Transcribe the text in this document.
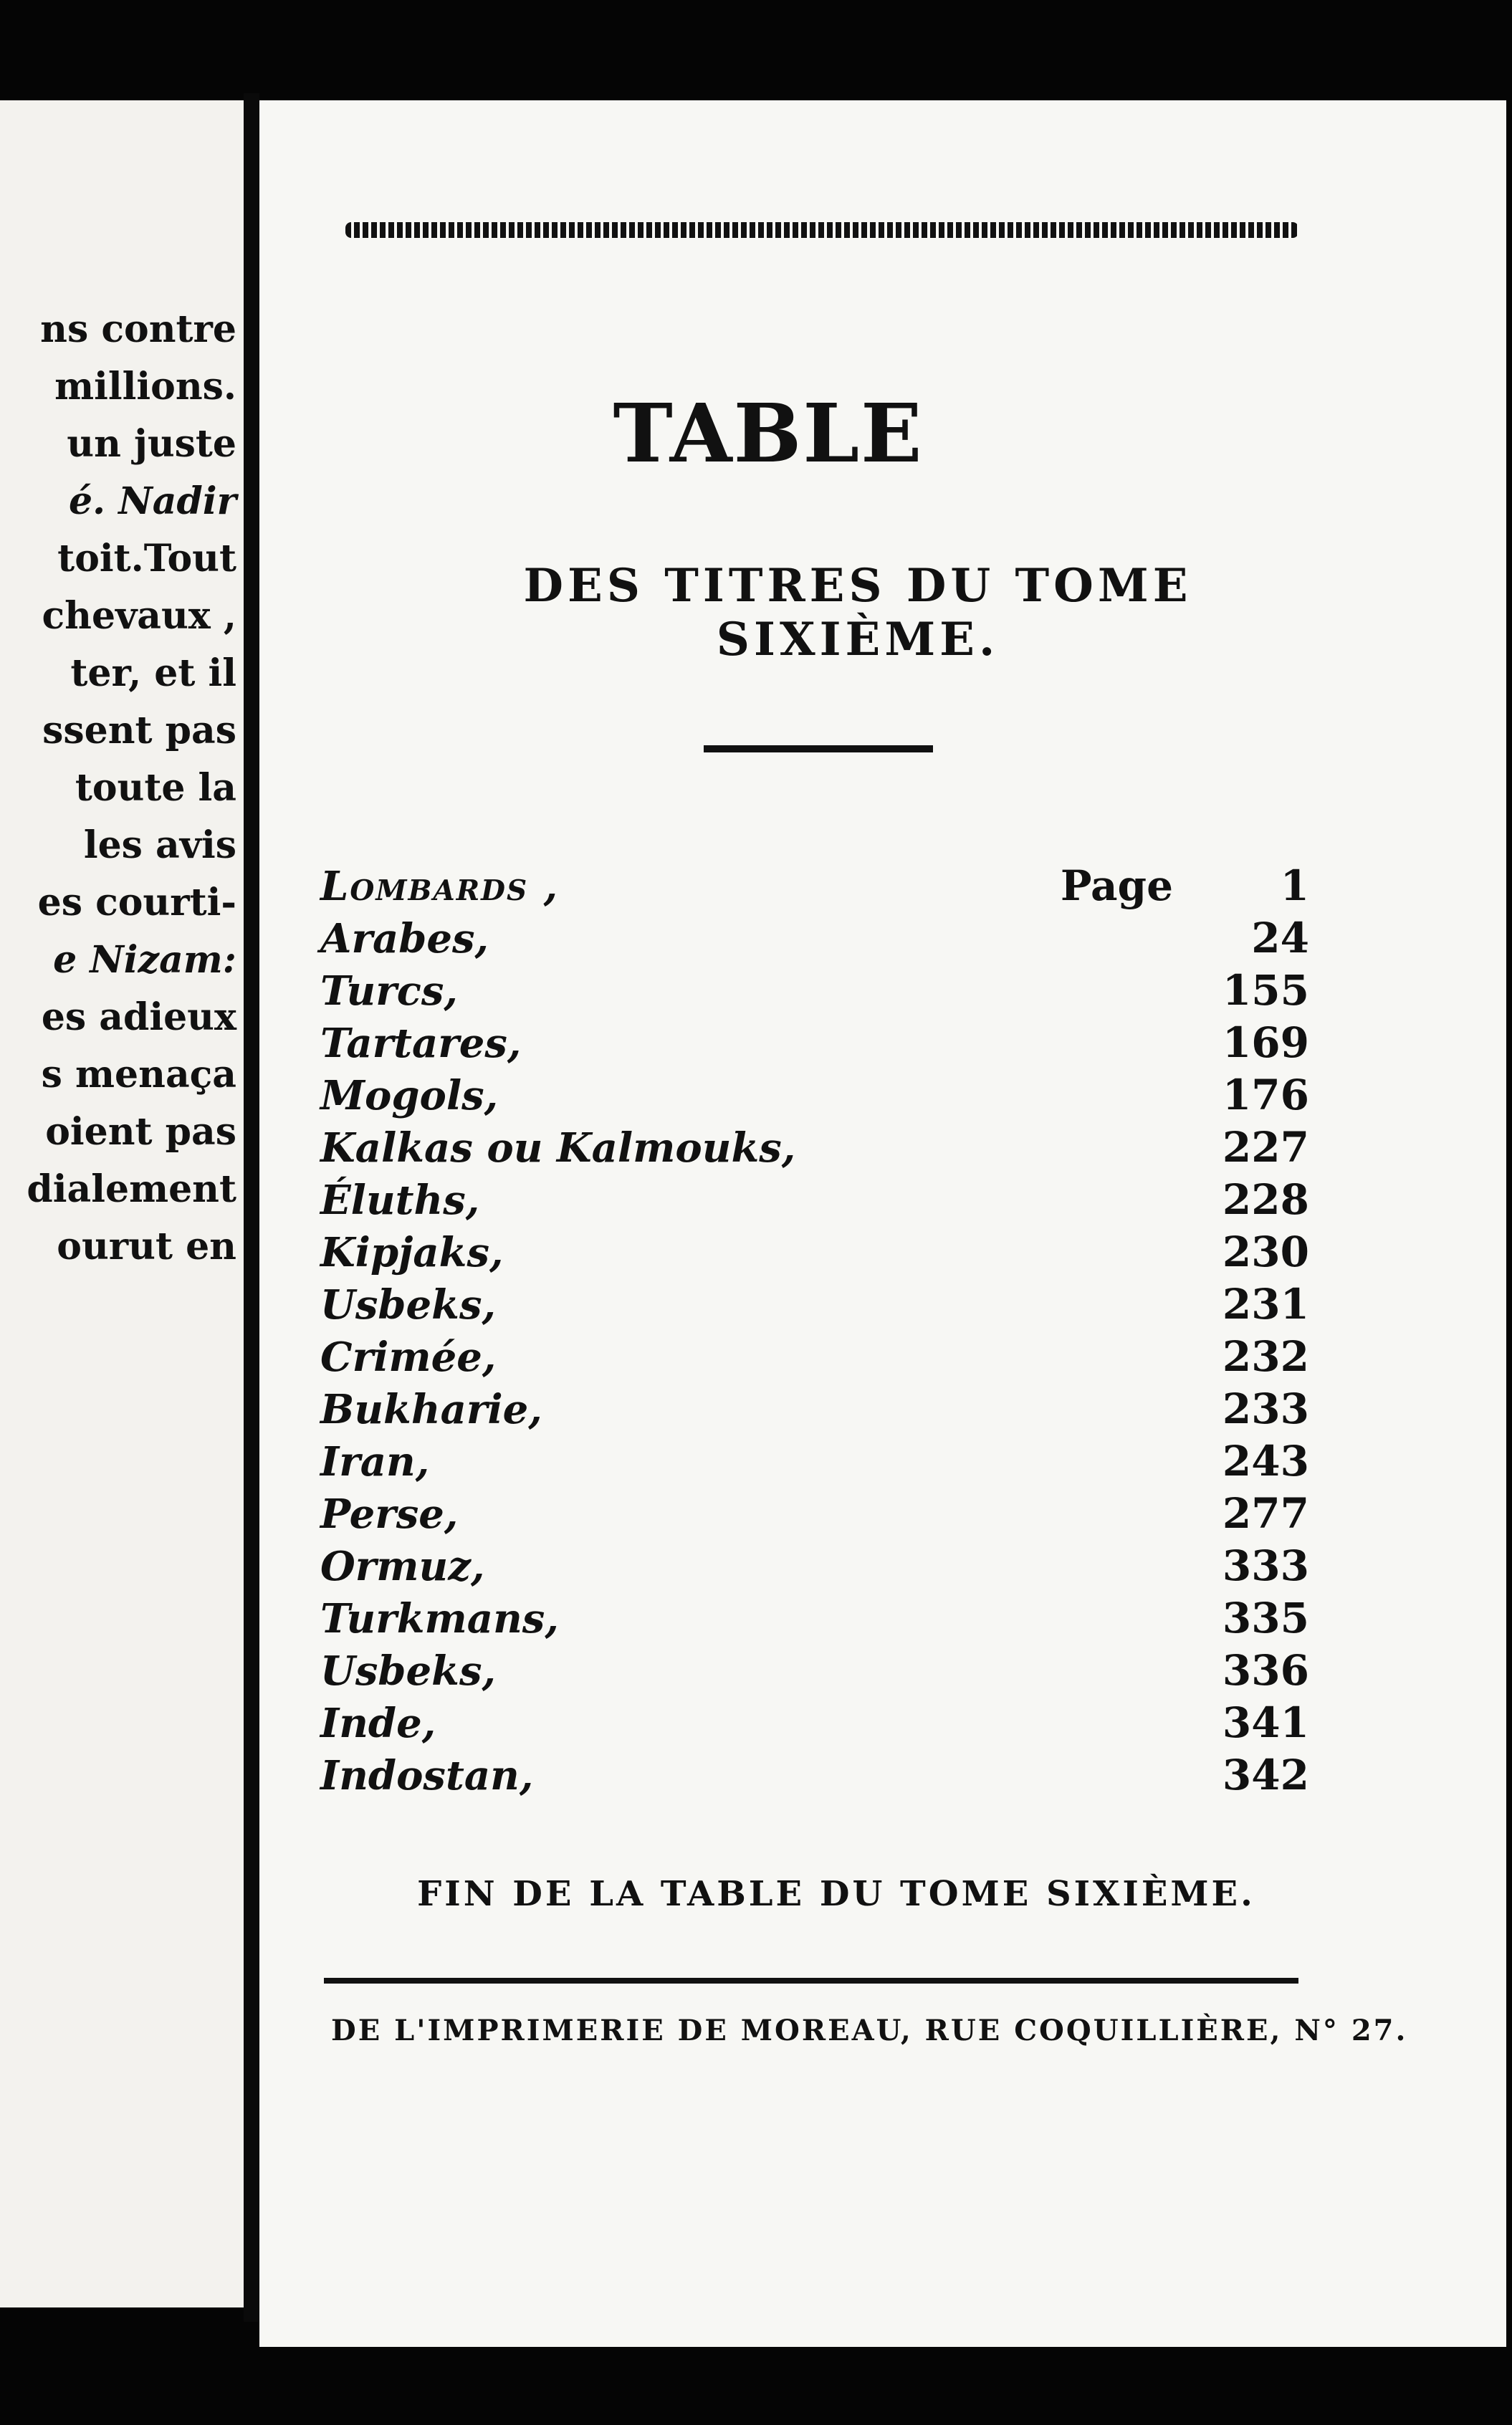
ns contre
millions.
un juste
é. Nadir
toit.Tout
chevaux ,
ter, et il
ssent pas
toute la
les avis
es courti-
e Nizam:
es adieux
s menaça
oient pas
dialement
ourut en
TABLE
DES TITRES DU TOME SIXIÈME.
Lombards ,	Page	1
Arabes,	24
Turcs,	155
Tartares,	169
Mogols,	176
Kalkas ou Kalmouks,	227
Éluths,	228
Kipjaks,	230
Usbeks,	231
Crimée,	232
Bukharie,	233
Iran,	243
Perse,	277
Ormuz,	333
Turkmans,	335
Usbeks,	336
Inde,	341
Indostan,	342
FIN DE LA TABLE DU TOME SIXIÈME.
DE L'IMPRIMERIE DE MOREAU, RUE COQUILLIÈRE, N° 27.
